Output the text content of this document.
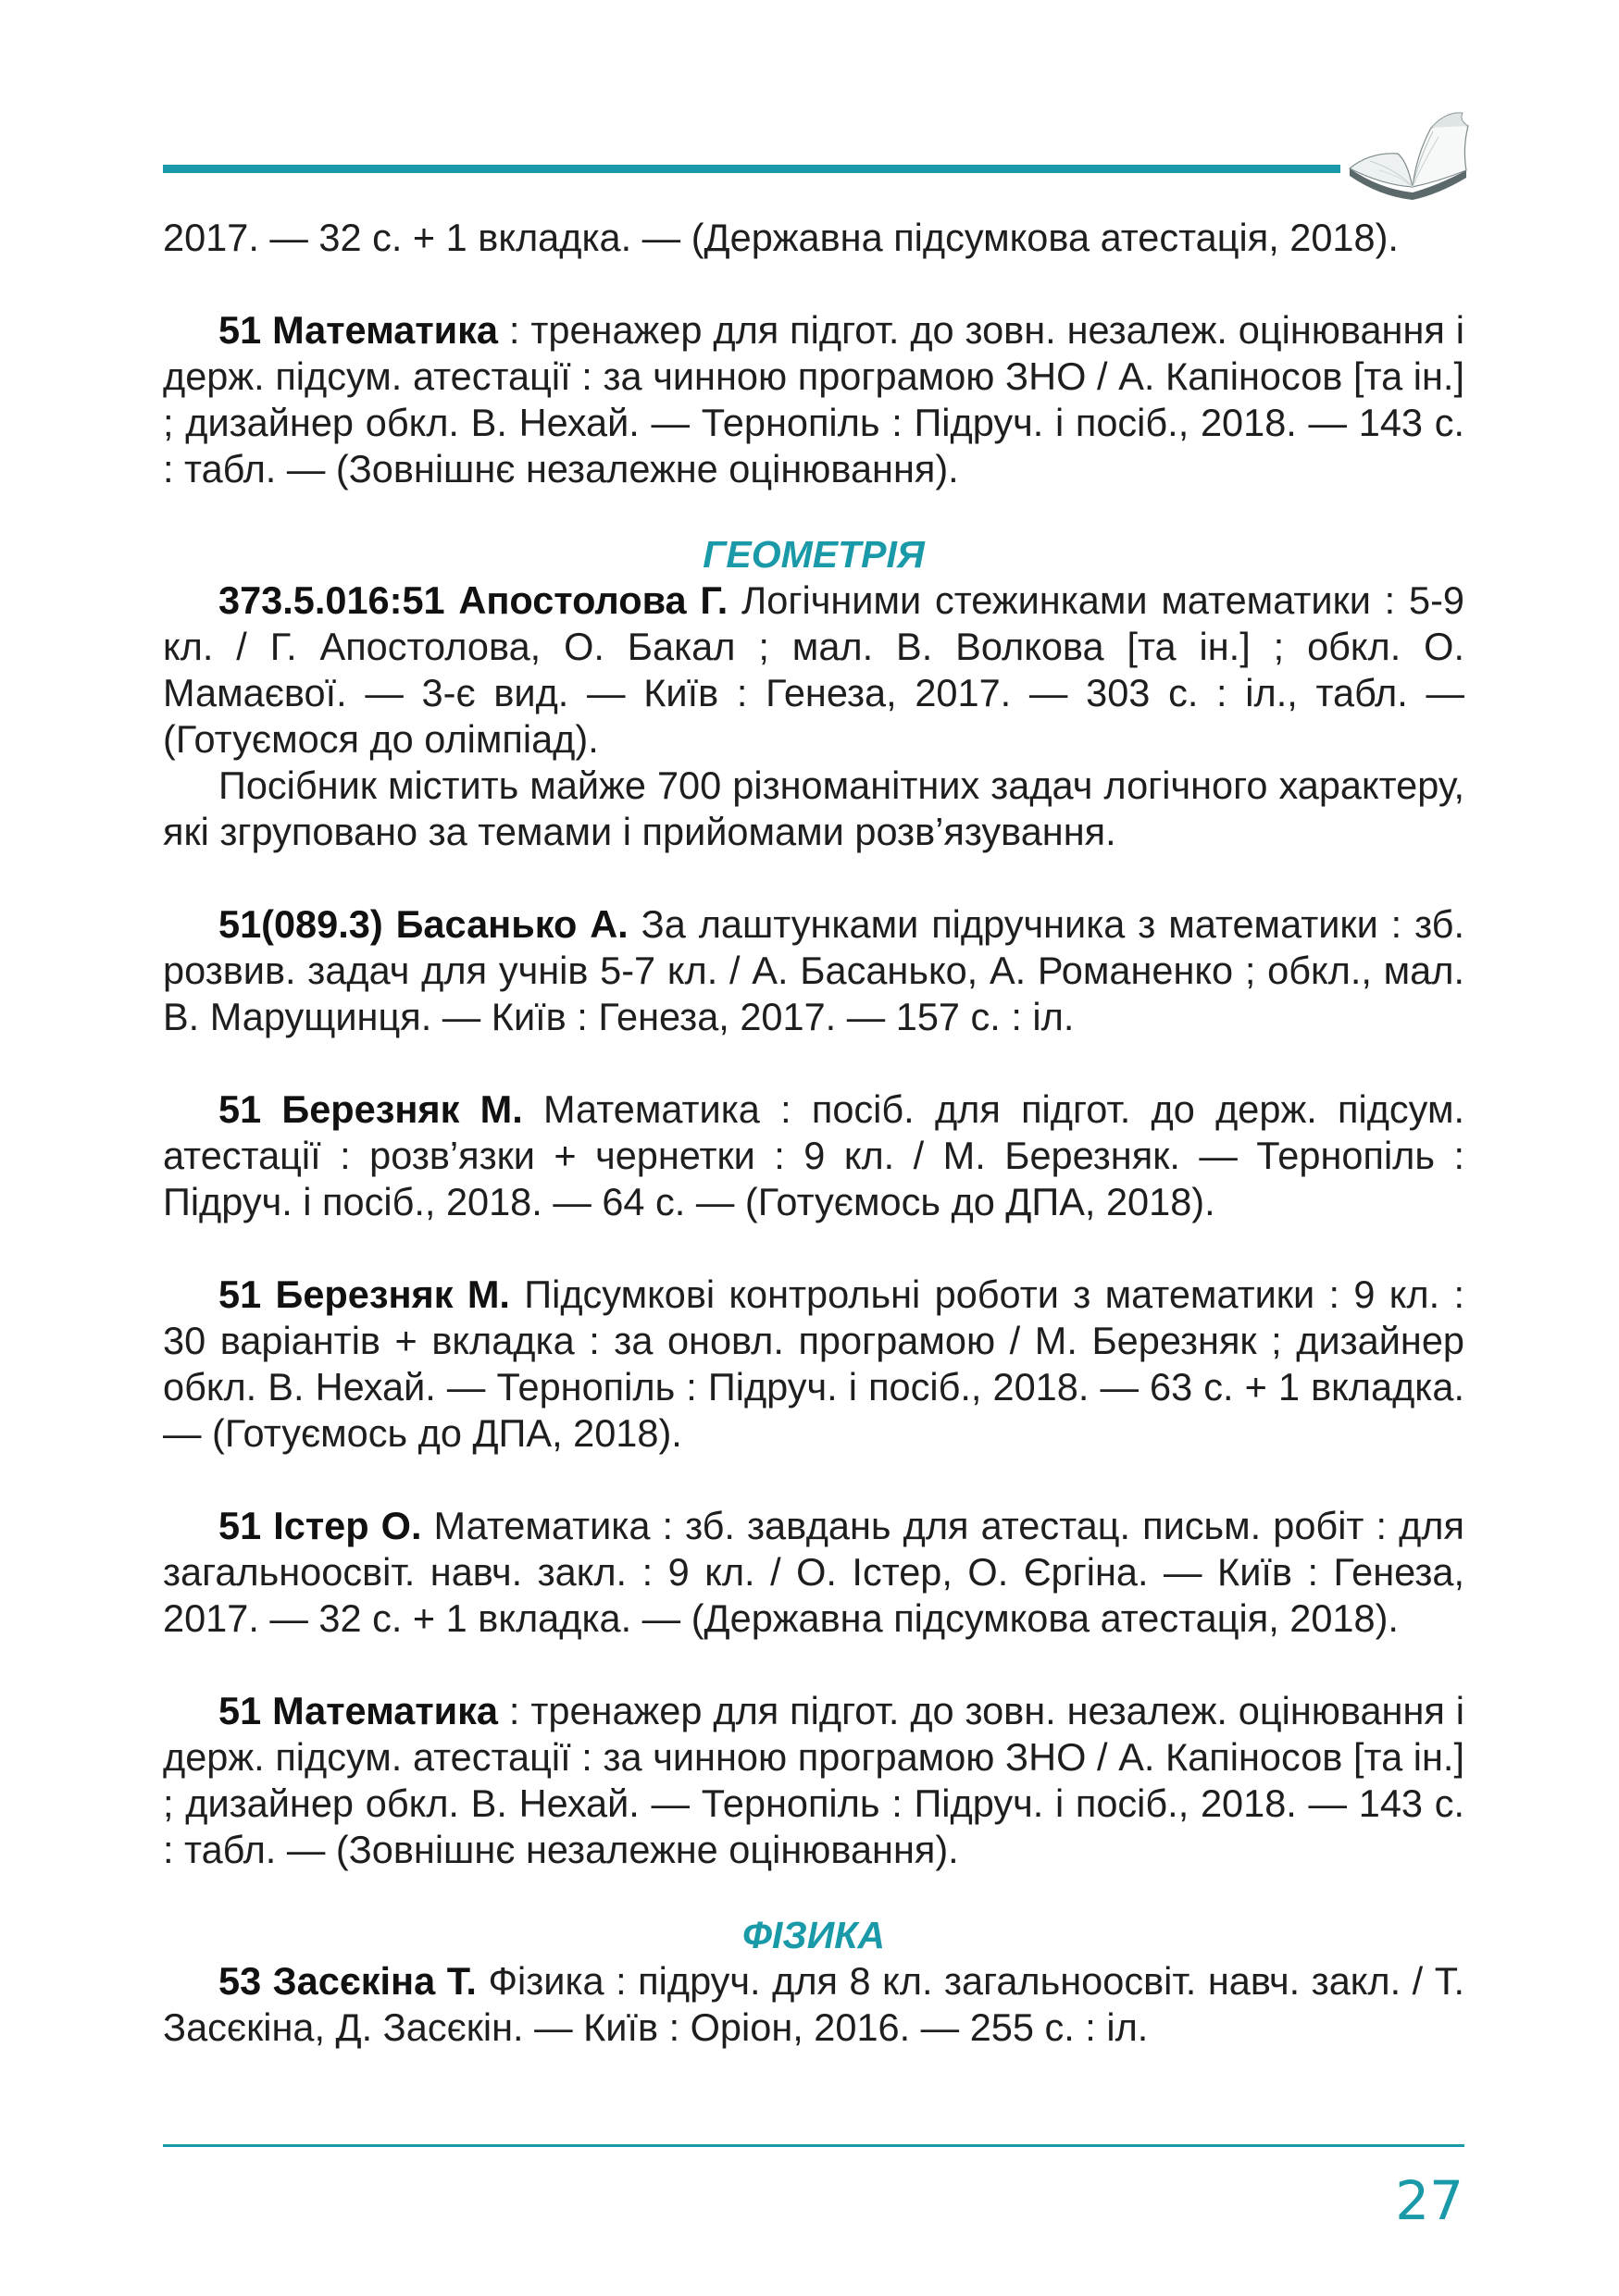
2017. — 32 с. + 1 вкладка. — (Державна підсумкова атестація, 2018).

51 Математика : тренажер для підгот. до зовн. незалеж. оцінювання і держ. підсум. атестації : за чинною програмою ЗНО / А. Капіносов [та ін.] ; дизайнер обкл. В. Нехай. — Тернопіль : Підруч. і посіб., 2018. — 143 с. : табл. — (Зовнішнє незалежне оцінювання).

ГЕОМЕТРІЯ

373.5.016:51 Апостолова Г. Логічними стежинками математики : 5-9 кл. / Г. Апостолова, О. Бакал ; мал. В. Волкова [та ін.] ; обкл. О. Мамаєвої. — 3-є вид. — Київ : Генеза, 2017. — 303 с. : іл., табл. — (Готуємося до олімпіад).

Посібник містить майже 700 різноманітних задач логічного характеру, які згруповано за темами і прийомами розв’язування.

51(089.3) Басанько А. За лаштунками підручника з математики : зб. розвив. задач для учнів 5-7 кл. / А. Басанько, А. Романенко ; обкл., мал. В. Марущинця. — Київ : Генеза, 2017. — 157 с. : іл.

51 Березняк М. Математика : посіб. для підгот. до держ. підсум. атестації : розв’язки + чернетки : 9 кл. / М. Березняк. — Тернопіль : Підруч. і посіб., 2018. — 64 с. — (Готуємось до ДПА, 2018).

51 Березняк М. Підсумкові контрольні роботи з математики : 9 кл. : 30 варіантів + вкладка : за оновл. програмою / М. Березняк ; дизайнер обкл. В. Нехай. — Тернопіль : Підруч. і посіб., 2018. — 63 с. + 1 вкладка. — (Готуємось до ДПА, 2018).

51 Істер О. Математика : зб. завдань для атестац. письм. робіт : для загальноосвіт. навч. закл. : 9 кл. / О. Істер, О. Єргіна. — Київ : Генеза, 2017. — 32 с. + 1 вкладка. — (Державна підсумкова атестація, 2018).

51 Математика : тренажер для підгот. до зовн. незалеж. оцінювання і держ. підсум. атестації : за чинною програмою ЗНО / А. Капіносов [та ін.] ; дизайнер обкл. В. Нехай. — Тернопіль : Підруч. і посіб., 2018. — 143 с. : табл. — (Зовнішнє незалежне оцінювання).

ФІЗИКА

53 Засєкіна Т. Фізика : підруч. для 8 кл. загальноосвіт. навч. закл. / Т. Засєкіна, Д. Засєкін. — Київ : Оріон, 2016. — 255 с. : іл.

27
